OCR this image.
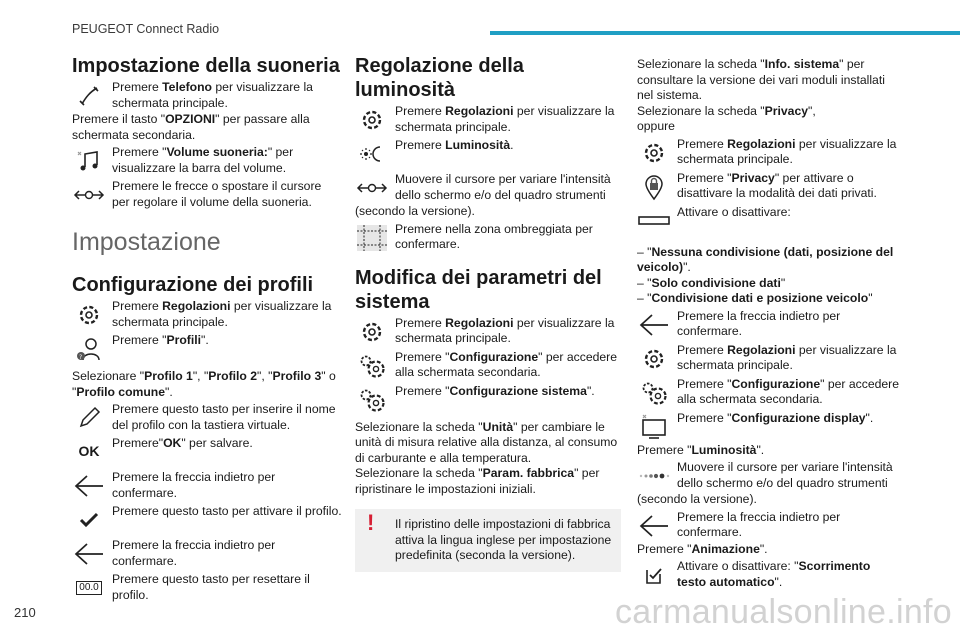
PEUGEOT Connect Radio
Impostazione della suoneria
Premere Telefono per visualizzare la schermata principale.

Premere il tasto "OPZIONI" per passare alla schermata secondaria.

Premere "Volume suoneria:" per visualizzare la barra del volume.
Premere le frecce o spostare il cursore per regolare il volume della suoneria.
Impostazione
Configurazione dei profili
Premere Regolazioni per visualizzare la schermata principale.
?
Premere "Profili".

Selezionare "Profilo 1", "Profilo 2", "Profilo 3" o "Profilo comune".

Premere questo tasto per inserire il nome del profilo con la tastiera virtuale.
OK
Premere"OK" per salvare.
Premere la freccia indietro per confermare.
Premere questo tasto per attivare il profilo.
Premere la freccia indietro per confermare.
00.0
Premere questo tasto per resettare il profilo.
Regolazione della luminosità
Premere Regolazioni per visualizzare la schermata principale.
Premere Luminosità.
Muovere il cursore per variare l'intensità dello schermo e/o del quadro strumenti

(secondo la versione).

Premere nella zona ombreggiata per confermare.
Modifica dei parametri del sistema
Premere Regolazioni per visualizzare la schermata principale.
Premere "Configurazione" per accedere alla schermata secondaria.
Premere "Configurazione sistema".

Selezionare la scheda "Unità" per cambiare le unità di misura relative alla distanza, al consumo di carburante e alla temperatura.

Selezionare la scheda "Param. fabbrica" per ripristinare le impostazioni iniziali.

! Il ripristino delle impostazioni di fabbrica attiva la lingua inglese per impostazione predefinita (seconda la versione).

Selezionare la scheda "Info. sistema" per consultare la versione dei vari moduli installati nel sistema.

Selezionare la scheda "Privacy",

oppure

Premere Regolazioni per visualizzare la schermata principale.
Premere "Privacy" per attivare o disattivare la modalità dei dati privati.
Attivare o disattivare:

– "Nessuna condivisione (dati, posizione del veicolo)".

– "Solo condivisione dati"

– "Condivisione dati e posizione veicolo"

Premere la freccia indietro per confermare.
Premere Regolazioni per visualizzare la schermata principale.
Premere "Configurazione" per accedere alla schermata secondaria.
Premere "Configurazione display".

Premere "Luminosità".

Muovere il cursore per variare l'intensità dello schermo e/o del quadro strumenti

(secondo la versione).

Premere la freccia indietro per confermare.

Premere "Animazione".

Attivare o disattivare: "Scorrimento testo automatico".
210	carmanualsonline.info
